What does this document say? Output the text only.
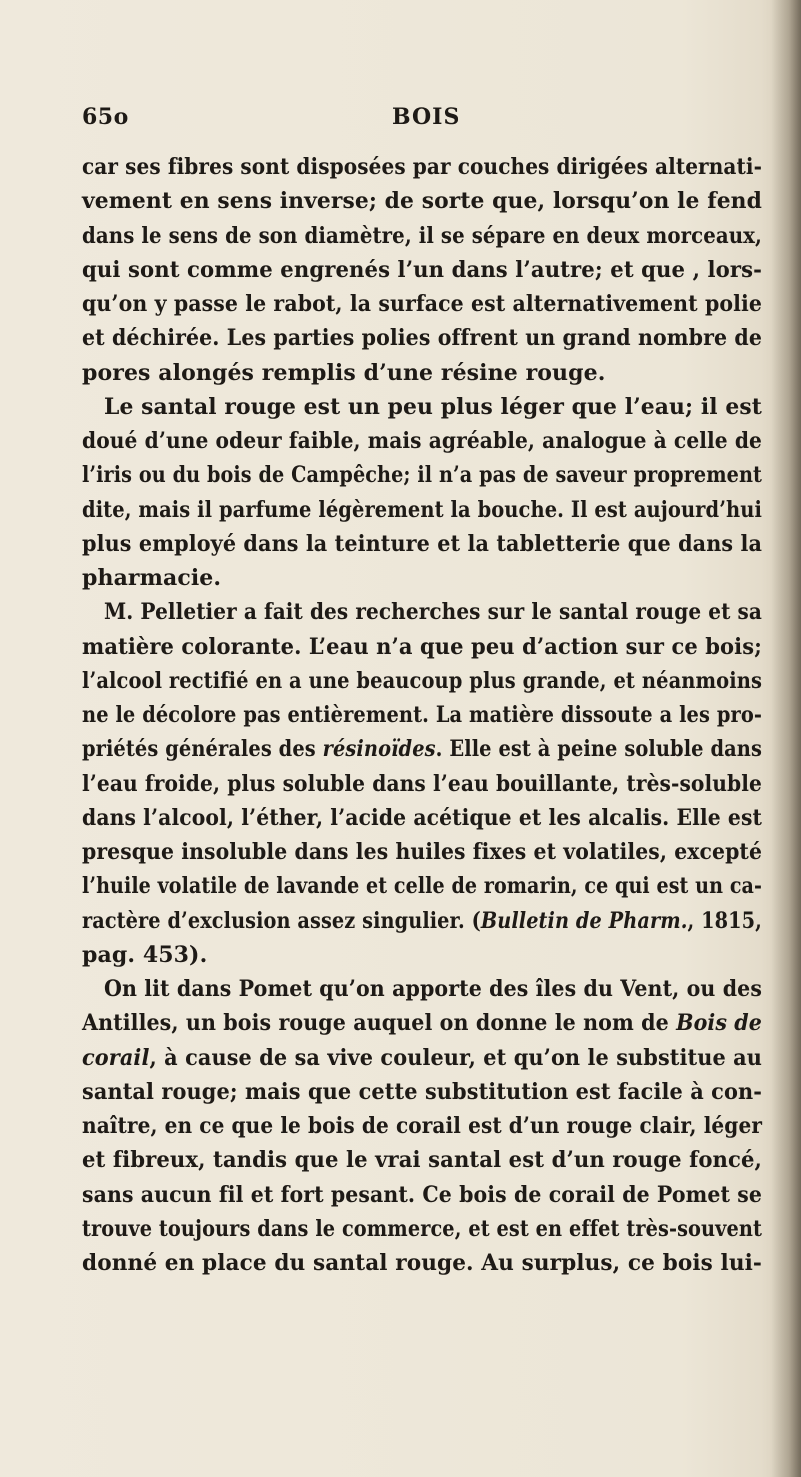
65o	BOIS
car ses fibres sont disposées par couches dirigées alternati-
vement en sens inverse; de sorte que, lorsqu’on le fend
dans le sens de son diamètre, il se sépare en deux morceaux,
qui sont comme engrenés l’un dans l’autre; et que , lors-
qu’on y passe le rabot, la surface est alternativement polie
et déchirée. Les parties polies offrent un grand nombre de
pores alongés remplis d’une résine rouge.
Le santal rouge est un peu plus léger que l’eau; il est
doué d’une odeur faible, mais agréable, analogue à celle de
l’iris ou du bois de Campêche; il n’a pas de saveur proprement
dite, mais il parfume légèrement la bouche. Il est aujourd’hui
plus employé dans la teinture et la tabletterie que dans la
pharmacie.
M. Pelletier a fait des recherches sur le santal rouge et sa
matière colorante. L’eau n’a que peu d’action sur ce bois;
l’alcool rectifié en a une beaucoup plus grande, et néanmoins
ne le décolore pas entièrement. La matière dissoute a les pro-
priétés générales des résinoïdes. Elle est à peine soluble dans
l’eau froide, plus soluble dans l’eau bouillante, très-soluble
dans l’alcool, l’éther, l’acide acétique et les alcalis. Elle est
presque insoluble dans les huiles fixes et volatiles, excepté
l’huile volatile de lavande et celle de romarin, ce qui est un ca-
ractère d’exclusion assez singulier. (Bulletin de Pharm., 1815,
pag. 453).
On lit dans Pomet qu’on apporte des îles du Vent, ou des
Antilles, un bois rouge auquel on donne le nom de Bois de
corail, à cause de sa vive couleur, et qu’on le substitue au
santal rouge; mais que cette substitution est facile à con-
naître, en ce que le bois de corail est d’un rouge clair, léger
et fibreux, tandis que le vrai santal est d’un rouge foncé,
sans aucun fil et fort pesant. Ce bois de corail de Pomet se
trouve toujours dans le commerce, et est en effet très-souvent
donné en place du santal rouge. Au surplus, ce bois lui-
